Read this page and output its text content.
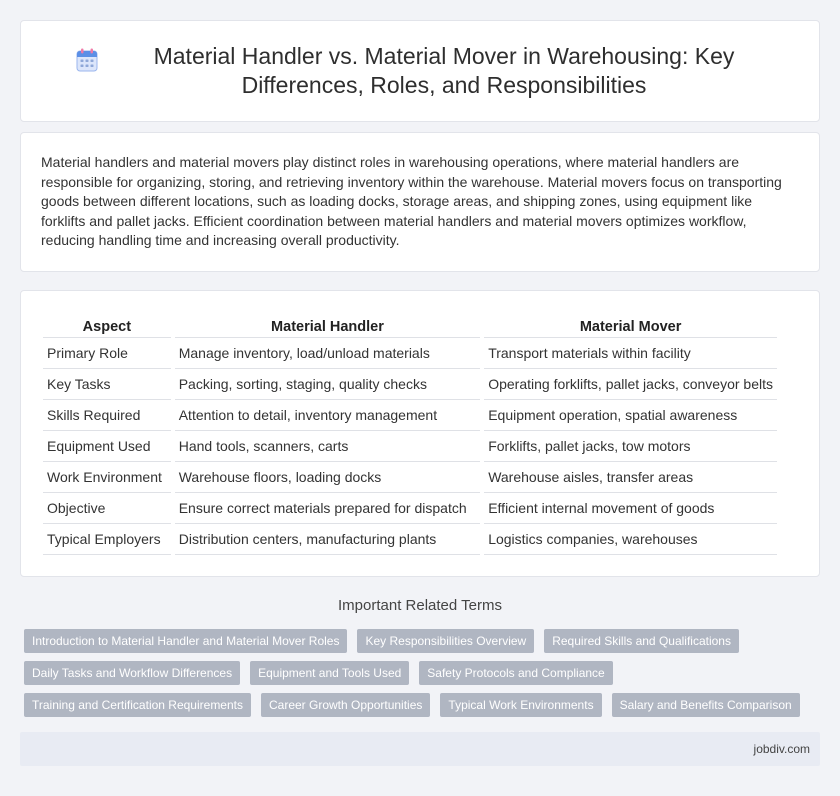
Material Handler vs. Material Mover in Warehousing: Key Differences, Roles, and Responsibilities

Material handlers and material movers play distinct roles in warehousing operations, where material handlers are responsible for organizing, storing, and retrieving inventory within the warehouse. Material movers focus on transporting goods between different locations, such as loading docks, storage areas, and shipping zones, using equipment like forklifts and pallet jacks. Efficient coordination between material handlers and material movers optimizes workflow, reducing handling time and increasing overall productivity.

Aspect	Material Handler	Material Mover
Primary Role	Manage inventory, load/unload materials	Transport materials within facility
Key Tasks	Packing, sorting, staging, quality checks	Operating forklifts, pallet jacks, conveyor belts
Skills Required	Attention to detail, inventory management	Equipment operation, spatial awareness
Equipment Used	Hand tools, scanners, carts	Forklifts, pallet jacks, tow motors
Work Environment	Warehouse floors, loading docks	Warehouse aisles, transfer areas
Objective	Ensure correct materials prepared for dispatch	Efficient internal movement of goods
Typical Employers	Distribution centers, manufacturing plants	Logistics companies, warehouses
Important Related Terms
Introduction to Material Handler and Material Mover Roles	Key Responsibilities Overview	Required Skills and Qualifications
Daily Tasks and Workflow Differences	Equipment and Tools Used	Safety Protocols and Compliance
Training and Certification Requirements	Career Growth Opportunities	Typical Work Environments	Salary and Benefits Comparison
jobdiv.com
